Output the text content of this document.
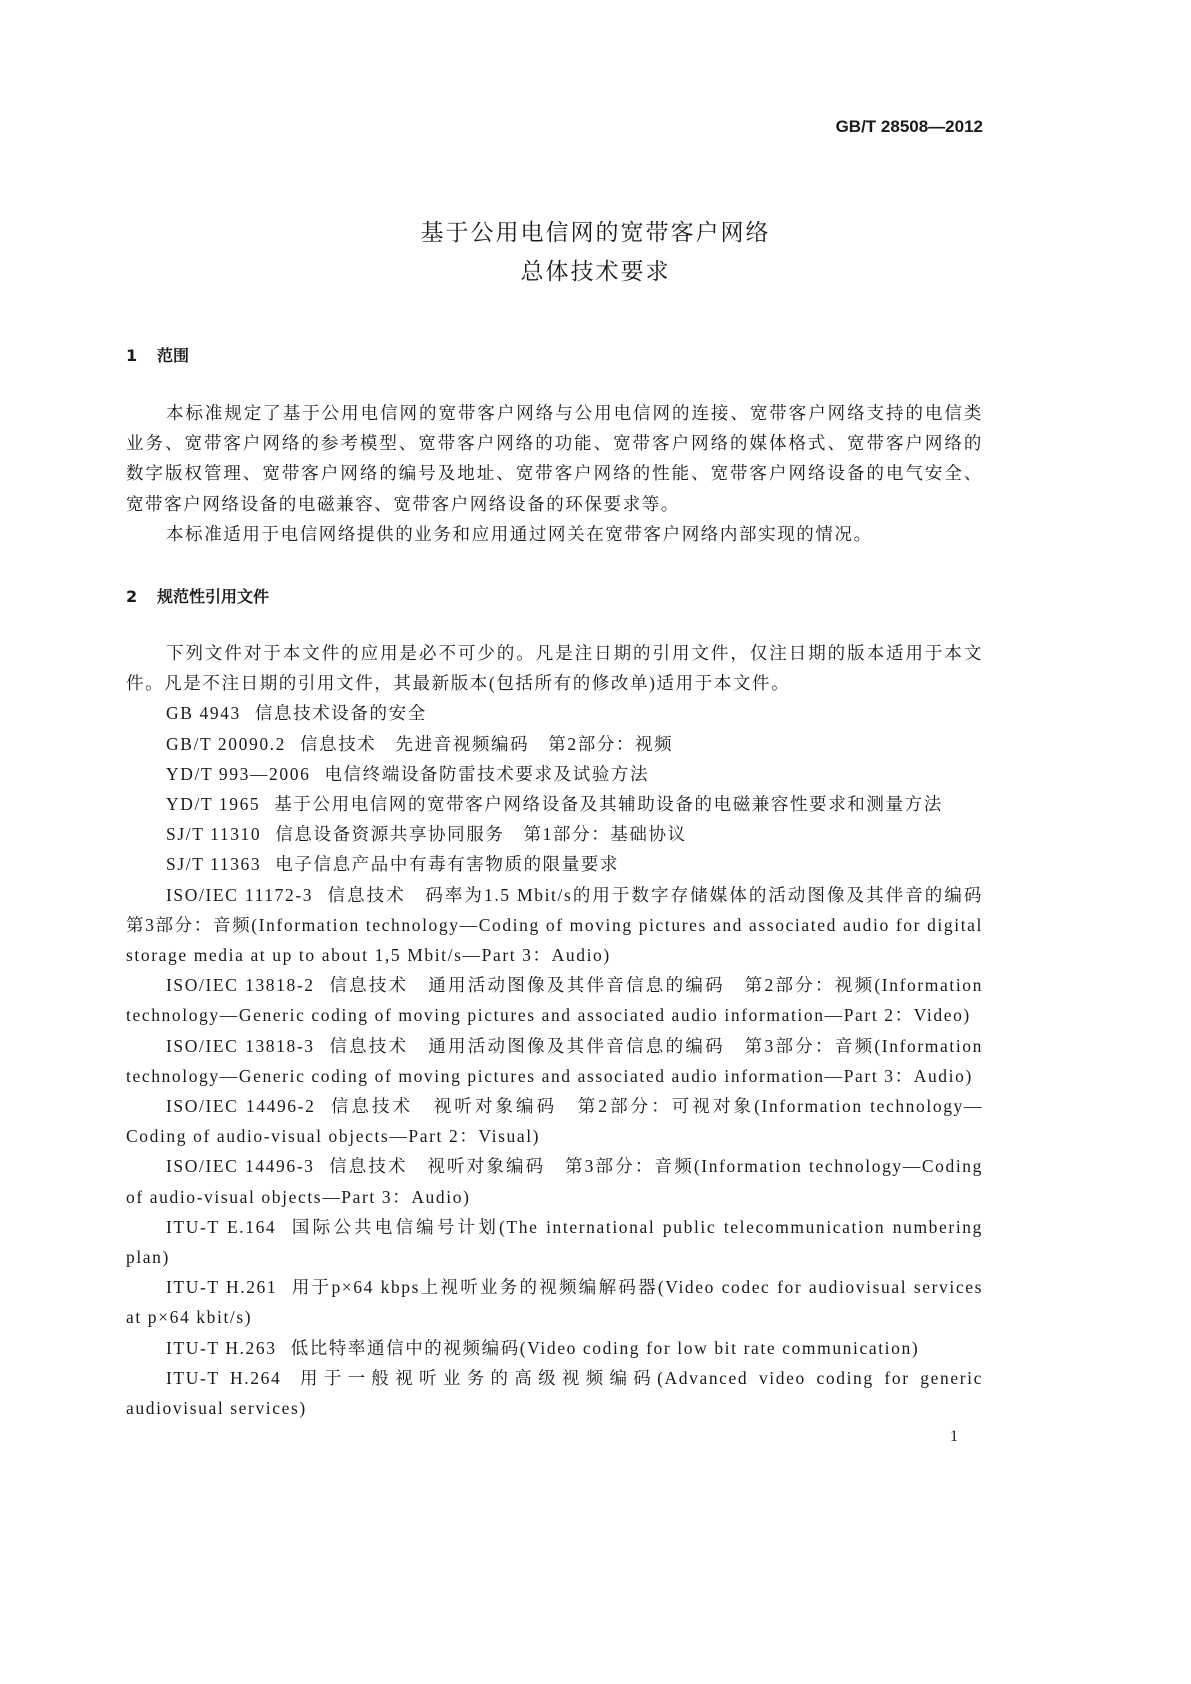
GB/T 28508—2012
基于公用电信网的宽带客户网络
总体技术要求
1 范围

本标准规定了基于公用电信网的宽带客户网络与公用电信网的连接、宽带客户网络支持的电信类业务、宽带客户网络的参考模型、宽带客户网络的功能、宽带客户网络的媒体格式、宽带客户网络的数字版权管理、宽带客户网络的编号及地址、宽带客户网络的性能、宽带客户网络设备的电气安全、宽带客户网络设备的电磁兼容、宽带客户网络设备的环保要求等。

本标准适用于电信网络提供的业务和应用通过网关在宽带客户网络内部实现的情况。

2 规范性引用文件

下列文件对于本文件的应用是必不可少的。凡是注日期的引用文件，仅注日期的版本适用于本文件。凡是不注日期的引用文件，其最新版本(包括所有的修改单)适用于本文件。

GB 4943 信息技术设备的安全

GB/T 20090.2 信息技术　先进音视频编码　第2部分：视频

YD/T 993—2006 电信终端设备防雷技术要求及试验方法

YD/T 1965 基于公用电信网的宽带客户网络设备及其辅助设备的电磁兼容性要求和测量方法

SJ/T 11310 信息设备资源共享协同服务　第1部分：基础协议

SJ/T 11363 电子信息产品中有毒有害物质的限量要求

ISO/IEC 11172-3 信息技术　码率为1.5 Mbit/s的用于数字存储媒体的活动图像及其伴音的编码　第3部分：音频(Information technology—Coding of moving pictures and associated audio for digital storage media at up to about 1,5 Mbit/s—Part 3：Audio)

ISO/IEC 13818-2 信息技术　通用活动图像及其伴音信息的编码　第2部分：视频(Information technology—Generic coding of moving pictures and associated audio information—Part 2：Video)

ISO/IEC 13818-3 信息技术　通用活动图像及其伴音信息的编码　第3部分：音频(Information technology—Generic coding of moving pictures and associated audio information—Part 3：Audio)

ISO/IEC 14496-2 信息技术　视听对象编码　第2部分：可视对象(Information technology—Coding of audio-visual objects—Part 2：Visual)

ISO/IEC 14496-3 信息技术　视听对象编码　第3部分：音频(Information technology—Coding of audio-visual objects—Part 3：Audio)

ITU-T E.164 国际公共电信编号计划(The international public telecommunication numbering plan)

ITU-T H.261 用于p×64 kbps上视听业务的视频编解码器(Video codec for audiovisual services at p×64 kbit/s)

ITU-T H.263 低比特率通信中的视频编码(Video coding for low bit rate communication)

ITU-T H.264 用于一般视听业务的高级视频编码(Advanced video coding for generic audiovisual services)

1
